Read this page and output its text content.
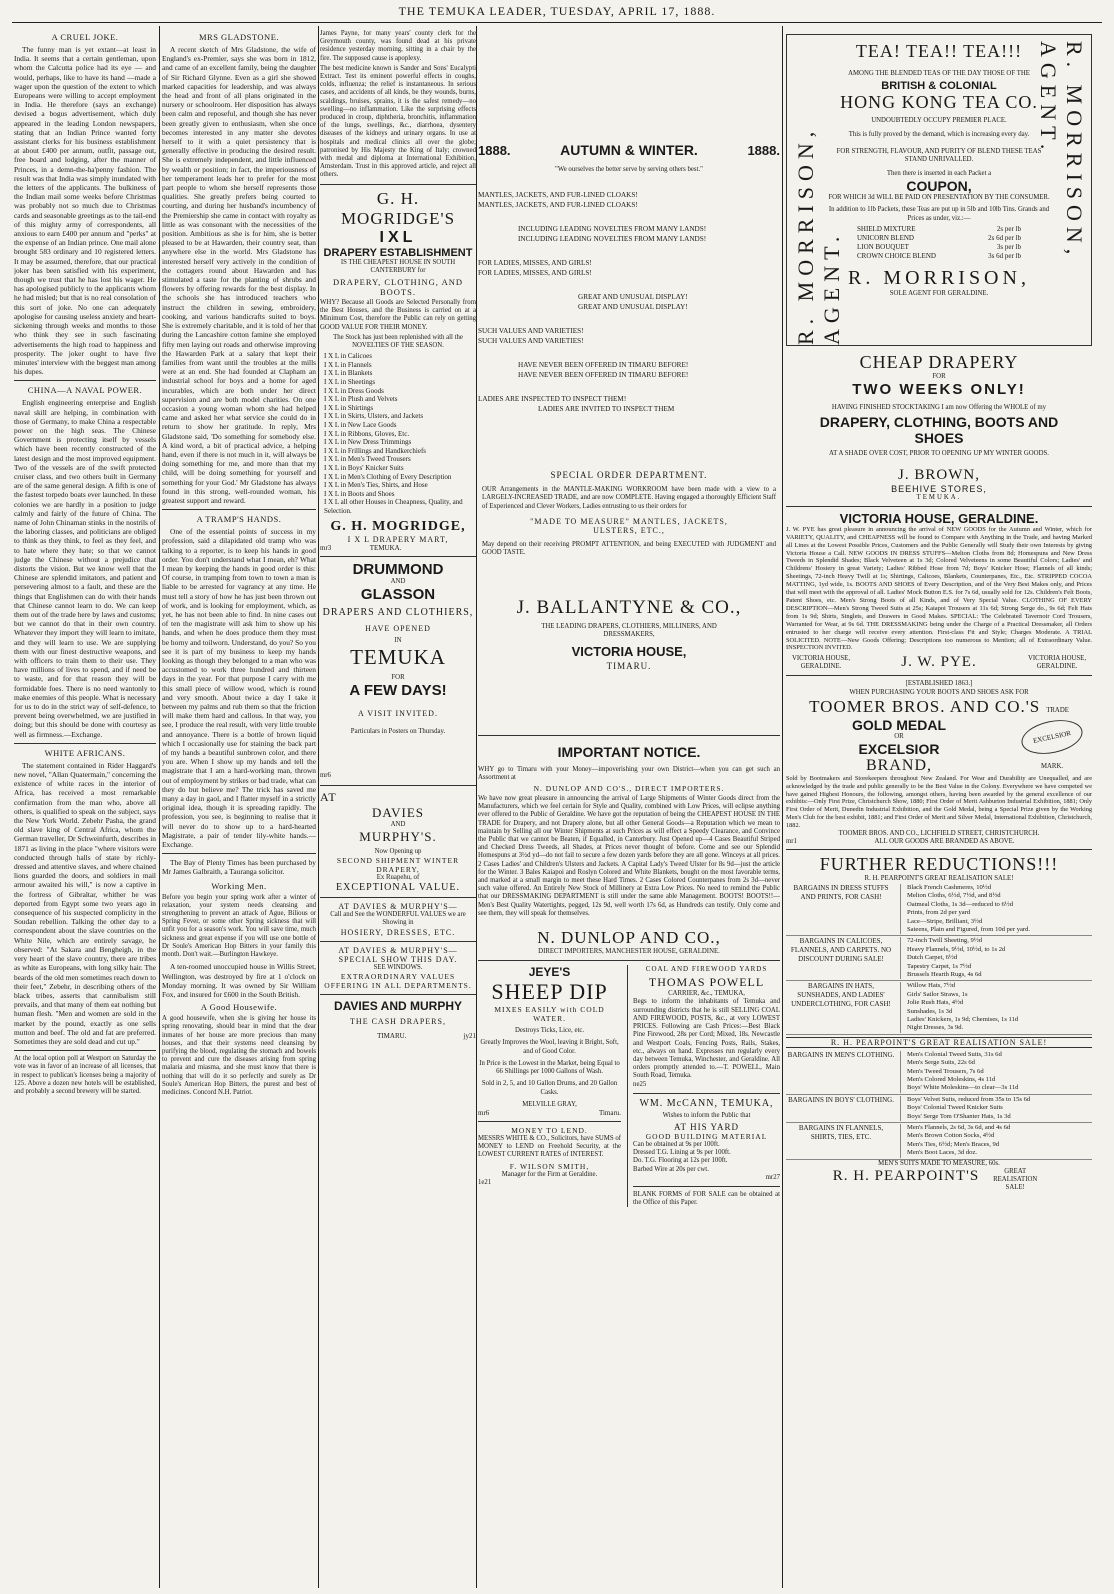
THE TEMUKA LEADER, TUESDAY, APRIL 17, 1888.
A CRUEL JOKE.

The funny man is yet extant—at least in India. It seems that a certain gentleman, upon whom the Calcutta police had its eye — and would, perhaps, like to have its hand —made a wager upon the question of the extent to which Europeans were willing to accept employment in India. He therefore (says an exchange) devised a bogus advertisement, which duly appeared in the leading London newspapers, stating that an Indian Prince wanted forty assistant clerks for his business establishment at about £400 per annum, outfit, passage out, free board and lodging, after the manner of Princes, in a demn-the-ha'penny fashion. The result was that India was simply inundated with the letters of the applicants. The bulkiness of the Indian mail some weeks before Christmas was probably not so much due to Christmas cards and seasonable greetings as to the tail-end of this mighty army of correspondents, all anxious to earn £400 per annum and "perks" at the expense of an Indian prince. One mail alone brought 583 ordinary and 10 registered letters. It may be assumed, therefore, that our practical joker has been satisfied with his experiment, though we trust that he has lost his wager. He has apologised publicly to the applicants whom he had misled; but that is no real consolation of this sort of joke. No one can adequately apologise for causing useless anxiety and heart-sickening through weeks and months to those who think they see in such fascinating advertisements the high road to happiness and prosperity. The joker ought to have five minutes' interview with the beggest man among his dupes.

CHINA—A NAVAL POWER.

English engineering enterprise and English naval skill are helping, in combination with those of Germany, to make China a respectable power on the high seas. The Chinese Government is protecting itself by vessels which have been recently constructed of the latest design and the most improved equipment. Two of the vessels are of the swift protected cruiser class, and two others built in Germany are of the same general design. A fifth is one of the fastest torpedo boats ever launched. In these colonies we are hardly in a position to judge calmly and fairly of the future of China. The name of John Chinaman stinks in the nostrils of the laboring classes, and politicians are obliged to think as they think, to feel as they feel, and to hate where they hate; so that we cannot judge the Chinese without a prejudice that distorts the vision. But we know well that the Chinese are splendid imitators, and patient and persevering almost to a fault, and these are the things that Englishmen can do with their hands that Chinese cannot learn to do. We can keep them out of the trade here by laws and customs; but we cannot do that in their own country. Whatever they import they will learn to imitate, and they will learn to use. We are supplying them with our finest destructive weapons, and with officers to train them to their use. They have millions of lives to spend, and if need be to waste, and for that reason they will be formidable foes. There is no need wantonly to make enemies of this people. What is necessary for us to do in the strict way of self-defence, to prevent being overwhelmed, we are justified in doing; but this should be done with courtesy as well as firmness.—Exchange.

WHITE AFRICANS.

The statement contained in Rider Haggard's new novel, "Allan Quatermain," concerning the existence of white races in the interior of Africa, has received a most remarkable confirmation from the man who, above all others, is qualified to speak on the subject, says the New York World. Zebehr Pasha, the grand old slave king of Central Africa, whom the German traveller, Dr Schweinfurth, describes in 1871 as living in the place "where visitors were conducted through halls of state by richly-dressed and attentive slaves, and where chained lions guarded the doors, and soldiers in mail armour awaited his will," is now a captive in the fortress of Gibraltar, whither he was deported from Egypt some two years ago in consequence of his suspected complicity in the Soudan rebellion. Talking the other day to a correspondent about the slave countries on the White Nile, which are entirely savage, he observed: "At Sakara and Bengheigh, in the very heart of the slave country, there are tribes as white as Europeans, with long silky hair. The beards of the old men sometimes reach down to their feet," Zebehr, in describing others of the black tribes, asserts that cannibalism still prevails, and that many of them eat nothing but human flesh. "Men and women are sold in the market by the pound, exactly as one sells mutton and beef. The old and fat are preferred. Sometimes they are sold dead and cut up."

At the local option poll at Westport on Saturday the vote was in favor of an increase of all licenses, that in respect to publican's licenses being a majority of 125. Above a dozen new hotels will be established, and probably a second brewery will be started.

MRS GLADSTONE.

A recent sketch of Mrs Gladstone, the wife of England's ex-Premier, says she was born in 1812, and came of an excellent family, being the daughter of Sir Richard Glynne. Even as a girl she showed marked capacities for leadership, and was always the head and front of all plans originated in the nursery or schoolroom. Her disposition has always been calm and reposeful, and though she has never been greatly given to enthusiasm, when she once becomes interested in any matter she devotes herself to it with a quiet persistency that is generally effective in producing the desired result. She is extremely independent, and little influenced by wealth or position; in fact, the imperiousness of her temperament leads her to prefer for the most part people to whom she herself represents those qualities. She greatly prefers being courted to courting, and during her husband's incumbency of the Premiership she came in contact with royalty as little as was consonant with the necessities of the position. Ambitious as she is for him, she is better pleased to be at Hawarden, their country seat, than anywhere else in the world. Mrs Gladstone has interested herself very actively in the condition of the cottagers round about Hawarden and has stimulated a taste for the planting of shrubs and flowers by offering rewards for the best display. In the schools she has introduced teachers who instruct the children in sewing, embroidery, cooking, and various handicrafts suited to boys. She is extremely charitable, and it is told of her that during the Lancashire cotton famine she employed fifty men laying out roads and otherwise improving the Hawarden Park at a salary that kept their families from want until the troubles at the mills were at an end. She had founded at Clapham an industrial school for boys and a home for aged incurables, which are both under her direct supervision and are both model charities. On one occasion a young woman whom she had helped came and asked her what service she could do in return to show her gratitude. In reply, Mrs Gladstone said, 'Do something for somebody else. A kind word, a bit of practical advice, a helping hand, even if there is not much in it, will always be doing something for me, and more than that my child, will be doing something for yourself and something for your God.' Mr Gladstone has always found in this strong, well-rounded woman, his greatest support and reward.

A TRAMP'S HANDS.

One of the essential points of success in my profession, said a dilapidated old tramp who was talking to a reporter, is to keep his hands in good order. You don't understand what I mean, eh? What I mean by keeping the hands in good order is this: Of course, in tramping from town to town a man is liable to be arrested for vagrancy at any time. He must tell a story of how he has just been thrown out of work, and is looking for employment, which, as yet, he has not been able to find. In nine cases out of ten the magistrate will ask him to show up his hands, and when he does produce them they must be horny and toilworn. Understand, do you? So you see it is part of my business to keep my hands looking as though they belonged to a man who was accustomed to work three hundred and thirteen days in the year. For that purpose I carry with me this small piece of willow wood, which is round and very smooth. About twice a day I take it between my palms and rub them so that the friction will make them hard and callous. In that way, you see, I produce the real result, with very little trouble and annoyance. There is a bottle of brown liquid which I occasionally use for staining the back part of my hands a beautiful sunbrown color, and there you are. When I show up my hands and tell the magistrate that I am a hard-working man, thrown out of employment by strikes or bad trade, what can they do but believe me? The trick has saved me many a day in gaol, and I flatter myself in a strictly original idea, though it is spreading rapidly. The profession, you see, is beginning to realise that it will never do to show up to a hard-hearted Magistrate, a pair of tender lily-white hands.—Exchange.

The Bay of Plenty Times has been purchased by Mr James Galbraith, a Tauranga solicitor.

Working Men.

Before you begin your spring work after a winter of relaxation, your system needs cleansing and strengthening to prevent an attack of Ague, Bilious or Spring Fever, or some other Spring sickness that will unfit you for a season's work. You will save time, much sickness and great expense if you will use one bottle of Dr Soule's American Hop Bitters in your family this month. Don't wait.—Burlington Hawkeye.

A ten-roomed unoccupied house in Willis Street, Wellington, was destroyed by fire at 1 o'clock on Monday morning. It was owned by Sir William Fox, and insured for £600 in the South British.

A Good Housewife.

A good housewife, when she is giving her house its spring renovating, should bear in mind that the dear inmates of her house are more precious than many houses, and that their systems need cleansing by purifying the blood, regulating the stomach and bowels to prevent and cure the diseases arising from spring malaria and miasma, and she must know that there is nothing that will do it so perfectly and surely as Dr Soule's American Hop Bitters, the purest and best of medicines. Concord N.H. Patriot.

James Payne, for many years' county clerk for the Greymouth county, was found dead at his private residence yesterday morning, sitting in a chair by the fire. The supposed cause is apoplexy.

The best medicine known is Sander and Sons' Eucalypti Extract. Test its eminent powerful effects in coughs, colds, influenza; the relief is instantaneous. In serious cases, and accidents of all kinds, be they wounds, burns, scaldings, bruises, sprains, it is the safest remedy—no swelling—no inflammation. Like the surprising effects produced in croup, diphtheria, bronchitis, inflammation of the lungs, swellings, &c., diarrhoea, dysentery diseases of the kidneys and urinary organs. In use at hospitals and medical clinics all over the globe; patronised by His Majesty the King of Italy; crowned with medal and diploma at International Exhibition, Amsterdam. Trust in this approved article, and reject all others.

G. H. MOGRIDGE'S
IXL
DRAPERY ESTABLISHMENT
IS THE CHEAPEST HOUSE IN SOUTH CANTERBURY for
DRAPERY, CLOTHING, AND BOOTS.

WHY? Because all Goods are Selected Personally from the Best Houses, and the Business is carried on at a Minimum Cost, therefore the Public can rely on getting GOOD VALUE FOR THEIR MONEY.

The Stock has just been replenished with all the NOVELTIES OF THE SEASON.
I X L in Calicoes
I X L in Flannels
I X L in Blankets
I X L in Sheetings
I X L in Dress Goods
I X L in Plush and Velvets
I X L in Shirtings
I X L in Skirts, Ulsters, and Jackets
I X L in New Lace Goods
I X L in Ribbons, Gloves, Etc.
I X L in New Dress Trimmings
I X L in Frillings and Handkerchiefs
I X L in Men's Tweed Trousers
I X L in Boys' Knicker Suits
I X L in Men's Clothing of Every Description
I X L in Men's Ties, Shirts, and Hose
I X L in Boots and Shoes
I X L all other Houses in Cheapness, Quality, and Selection.
G. H. MOGRIDGE,
I X L DRAPERY MART,
mr3	TEMUKA.
DRUMMOND
AND
GLASSON
DRAPERS AND CLOTHIERS,
HAVE OPENED
IN
TEMUKA
FOR
A FEW DAYS!
A VISIT INVITED.
Particulars in Posters on Thursday.
mr6
AT
DAVIES
AND
MURPHY'S.
Now Opening up
SECOND SHIPMENT WINTER DRAPERY,
Ex Ruapehu, of
EXCEPTIONAL VALUE.
AT DAVIES & MURPHY'S—
Call and See the WONDERFUL VALUES we are Showing in
HOSIERY, DRESSES, ETC.
AT DAVIES & MURPHY'S—
SPECIAL SHOW THIS DAY.
SEE WINDOWS.
EXTRAORDINARY VALUES OFFERING IN ALL DEPARTMENTS.
DAVIES AND MURPHY
THE CASH DRAPERS,
TIMARU.	jy21
1888.	AUTUMN & WINTER.	1888.
"We ourselves the better serve by serving others best."
MANTLES, JACKETS, AND FUR-LINED CLOAKS!
MANTLES, JACKETS, AND FUR-LINED CLOAKS!
INCLUDING LEADING NOVELTIES FROM MANY LANDS!
INCLUDING LEADING NOVELTIES FROM MANY LANDS!
FOR LADIES, MISSES, AND GIRLS!
FOR LADIES, MISSES, AND GIRLS!
GREAT AND UNUSUAL DISPLAY!
GREAT AND UNUSUAL DISPLAY!
SUCH VALUES AND VARIETIES!
SUCH VALUES AND VARIETIES!
HAVE NEVER BEEN OFFERED IN TIMARU BEFORE!
HAVE NEVER BEEN OFFERED IN TIMARU BEFORE!
LADIES ARE INSPECTED TO INSPECT THEM!
LADIES ARE INVITED TO INSPECT THEM
SPECIAL ORDER DEPARTMENT.

OUR Arrangements in the MANTLE-MAKING WORKROOM have been made with a view to a LARGELY-INCREASED TRADE, and are now COMPLETE. Having engaged a thoroughly Efficient Staff of Experienced and Clever Workers, Ladies entrusting to us their orders for

"MADE TO MEASURE" MANTLES, JACKETS, ULSTERS, ETC.,

May depend on their receiving PROMPT ATTENTION, and being EXECUTED with JUDGMENT and GOOD TASTE.

J. BALLANTYNE & CO.,
THE LEADING DRAPERS, CLOTHIERS, MILLINERS, AND DRESSMAKERS,
VICTORIA HOUSE,
TIMARU.
IMPORTANT NOTICE.

WHY go to Timaru with your Money—impoverishing your own District—when you can get such an Assortment at

N. DUNLOP AND CO'S., DIRECT IMPORTERS.

We have now great pleasure in announcing the arrival of Large Shipments of Winter Goods direct from the Manufacturers, which we feel certain for Style and Quality, combined with Low Prices, will eclipse anything ever offered to the Public of Geraldine. We have got the reputation of being the CHEAPEST HOUSE IN THE TRADE for Drapery, and not Drapery alone, but all other General Goods—a Reputation which we mean to maintain by Selling all our Winter Shipments at such Prices as will effect a Speedy Clearance, and Convince the Public that we cannot be Beaten, if Equalled, in Canterbury. Just Opened up—4 Cases Beautiful Striped and Checked Dress Tweeds, all Shades, at Prices never thought of before. Come and see our Splendid Homespuns at 3½d yd—do not fail to secure a few dozen yards before they are all gone. Winceys at all prices. 2 Cases Ladies' and Children's Ulsters and Jackets. A Capital Lady's Tweed Ulster for 8s 9d—just the article for the Winter. 3 Bales Kaiapoi and Roslyn Colored and White Blankets, bought on the most favorable terms, and marked at a small margin to meet these Hard Times. 2 Cases Colored Counterpanes from 2s 3d—never such value offered. An Entirely New Stock of Millinery at Extra Low Prices. No need to remind the Public that our DRESSMAKING DEPARTMENT is still under the same able Management. BOOTS! BOOTS!!—Men's Best Quality Watertights, pegged, 12s 9d, well worth 17s 6d, as Hundreds can testify. Only come and see them, they will speak for themselves.

N. DUNLOP AND CO.,
DIRECT IMPORTERS, MANCHESTER HOUSE, GERALDINE.
JEYE'S
SHEEP DIP
MIXES EASILY with COLD WATER.
Destroys Ticks, Lice, etc.

Greatly Improves the Wool, leaving it Bright, Soft, and of Good Color.

In Price is the Lowest in the Market, being Equal to 66 Shillings per 1000 Gallons of Wash.

Sold in 2, 5, and 10 Gallon Drums, and 20 Gallon Casks.

MELVILLE GRAY,
mr6	Timaru.
MONEY TO LEND.

MESSRS WHITE & CO., Solicitors, have SUMS of MONEY to LEND on Freehold Security, at the LOWEST CURRENT RATES of INTEREST.

F. WILSON SMITH,
Manager for the Firm at Geraldine.
1e21
COAL AND FIREWOOD YARDS
THOMAS POWELL
CARRIER, &c., TEMUKA,

Begs to inform the inhabitants of Temuka and surrounding districts that he is still SELLING COAL AND FIREWOOD, POSTS, &c., at very LOWEST PRICES. Following are Cash Prices:—Best Black Pine Firewood, 28s per Cord; Mixed, 18s. Newcastle and Westport Coals, Fencing Posts, Rails, Stakes, etc., always on hand. Expresses run regularly every day between Temuka, Winchester, and Geraldine. All orders promptly attended to.—T. POWELL, Main South Road, Temuka.

ne25
WM. McCANN, TEMUKA,
Wishes to inform the Public that
AT HIS YARD
GOOD BUILDING MATERIAL
Can be obtained at 9s per 100ft.
Dressed T.G. Lining at 9s per 100ft.
Do. T.G. Flooring at 12s per 100ft.
Barbed Wire at 20s per cwt.
mr27

BLANK FORMS of FOR SALE can be obtained at the Office of this Paper.

R. MORRISON, AGENT.
R. MORRISON, AGENT.
TEA! TEA!! TEA!!!
AMONG THE BLENDED TEAS OF THE DAY THOSE OF THE
BRITISH & COLONIAL
HONG KONG TEA CO.
UNDOUBTEDLY OCCUPY PREMIER PLACE.
This is fully proved by the demand, which is increasing every day.
FOR STRENGTH, FLAVOUR, AND PURITY OF BLEND THESE TEAS STAND UNRIVALLED.
Then there is inserted in each Packet a
COUPON,
FOR WHICH 3d WILL BE PAID ON PRESENTATION BY THE CONSUMER.
In addition to 1lb Packets, these Teas are put up in 5lb and 10lb Tins. Grands and Prices as under, viz.:—
SHIELD MIXTURE	2s per lb
UNICORN BLEND	2s 6d per lb
LION BOUQUET	3s per lb
CROWN CHOICE BLEND	3s 6d per lb
R. MORRISON,
SOLE AGENT FOR GERALDINE.
CHEAP DRAPERY
FOR
TWO WEEKS ONLY!
HAVING FINISHED STOCKTAKING I am now Offering the WHOLE of my
DRAPERY, CLOTHING, BOOTS AND SHOES
AT A SHADE OVER COST, PRIOR TO OPENING UP MY WINTER GOODS.
J. BROWN,
BEEHIVE STORES,
TEMUKA.
VICTORIA HOUSE, GERALDINE.

J. W. PYE has great pleasure in announcing the arrival of NEW GOODS for the Autumn and Winter, which for VARIETY, QUALITY, and CHEAPNESS will be found to Compare with Anything in the Trade, and having Marked all Lines at the Lowest Possible Prices, Customers and the Public Generally will Study their own Interests by giving Victoria House a Call. NEW GOODS IN DRESS STUFFS—Melton Cloths from 8d; Homespuns and New Dress Tweeds in Splendid Shades; Black Velveteen at 1s 3d; Colored Velveteens in some Beautiful Colors; Ladies' and Childrens' Hosiery in great Variety; Ladies' Ribbed Hose from 7d; Boys' Knicker Hose; Flannels of all kinds; Sheetings, 72-inch Heavy Twill at 1s; Shirtings, Calicoes, Blankets, Counterpanes, Etc., Etc. STRIPPED COCOA MATTING, 1yd wide, 1s. BOOTS AND SHOES of Every Description, and of the Very Best Makes only, and Prices that will meet with the approval of all. Ladies' Mock Button E.S. for 7s 6d, usually sold for 12s. Children's Felt Boots, Patent Shoes, etc. Men's Strong Boots of all Kinds, and of Very Special Value. CLOTHING OF EVERY DESCRIPTION—Men's Strong Tweed Suits at 25s; Kaiapoi Trousers at 11s 6d; Strong Serge do., 9s 6d; Felt Hats from 1s 9d; Shirts, Singlets, and Drawers in Good Makes. SPECIAL: The Celebrated Tavernoir Cord Trousers, Warranted for Wear, at 9s 6d. THE DRESSMAKING being under the Charge of a Practical Dressmaker, all Orders entrusted to her charge will receive every attention. First-class Fit and Style; Charges Moderate. A TRIAL SOLICITED. NOTE—New Goods Offering; Descriptions too numerous to Mention; all of Extraordinary Value. INSPECTION INVITED.

VICTORIA HOUSE, GERALDINE.	J. W. PYE.	VICTORIA HOUSE, GERALDINE.
[ESTABLISHED 1863.]
WHEN PURCHASING YOUR BOOTS AND SHOES ASK FOR
TOOMER BROS. AND CO.'S TRADE
GOLD MEDAL
OR
EXCELSIOR
BRAND,
EXCELSIOR
MARK.

Sold by Bootmakers and Storekeepers throughout New Zealand. For Wear and Durability are Unequalled, and are acknowledged by the trade and public generally to be the Best Value in the Colony. Everywhere we have competed we have gained Highest Honours, the following, amongst others, having been awarded by the general excellence of our exhibits:—Only First Prize, Christchurch Show, 1880; First Order of Merit Ashburton Industrial Exhibition, 1881; Only First Order of Merit, Dunedin Industrial Exhibition, and the Gold Medal, being a Special Prize given by the Working Men's Club for the best exhibit, 1881; and First Order of Merit and Silver Medal, International Exhibition, Christchurch, 1882.

TOOMER BROS. AND CO., LICHFIELD STREET, CHRISTCHURCH.
mr1	ALL OUR GOODS ARE BRANDED AS ABOVE.
FURTHER REDUCTIONS!!!
R. H. PEARPOINT'S GREAT REALISATION SALE!
BARGAINS IN DRESS STUFFS AND PRINTS, FOR CASH!
Black French Cashmeres, 10½d
Melton Cloths, 6½d, 7½d, and 8½d
Oatmeal Cloths, 1s 3d—reduced to 6½d
Prints, from 2d per yard
Lace—Stripe, Brilliant, 3½d
Sateens, Plain and Figured, from 10d per yard.
BARGAINS IN CALICOES, FLANNELS, AND CARPETS. NO DISCOUNT DURING SALE!
72-inch Twill Sheeting, 9½d
Heavy Flannels, 9½d, 10½d, to 1s 2d
Dutch Carpet, 6½d
Tapestry Carpet, 1s 7½d
Brussels Hearth Rugs, 4s 6d
BARGAINS IN HATS, SUNSHADES, AND LADIES' UNDERCLOTHING, FOR CASH!
Willow Hats, 7½d
Girls' Sailor Straws, 1s
Jolie Rush Hats, 4½d
Sunshades, 1s 3d
Ladies' Knickers, 1s 9d; Chemises, 1s 11d
Night Dresses, 3s 9d.
R. H. PEARPOINT'S GREAT REALISATION SALE!
BARGAINS IN MEN'S CLOTHING.	Men's Colonial Tweed Suits, 31s 6d
Men's Serge Suits, 22s 6d
Men's Tweed Trousers, 7s 6d
Men's Colored Moleskins, 4s 11d
Boys' White Moleskins—to clear—3s 11d
BARGAINS IN BOYS' CLOTHING.	Boys' Velvet Suits, reduced from 35s to 15s 6d
Boys' Colonial Tweed Knicker Suits
Boys' Serge Tom O'Shanter Hats, 1s 3d
BARGAINS IN FLANNELS, SHIRTS, TIES, ETC.
Men's Flannels, 2s 6d, 3s 6d, and 4s 6d
Men's Brown Cotton Socks, 4½d
Men's Ties, 6½d; Men's Braces, 9d
Men's Boot Laces, 3d doz.
MEN'S SUITS MADE TO MEASURE, 60s.
R. H. PEARPOINT'S	GREAT REALISATION SALE!
